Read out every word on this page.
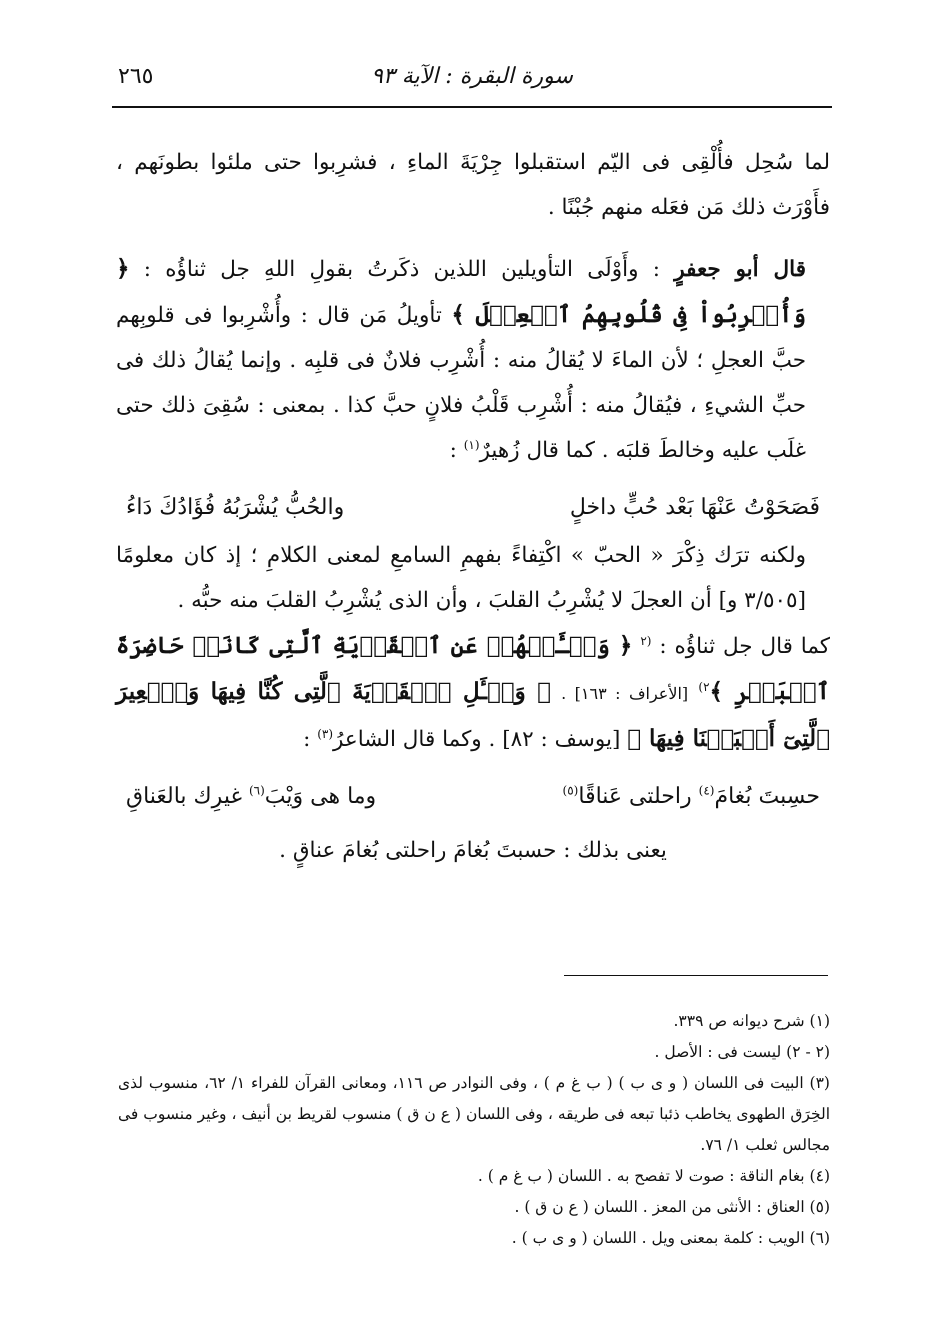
سورة البقرة : الآية ٩٣
٢٦٥

لما سُحِل فأُلْقِى فى اليّم استقبلوا جِرْيَةَ الماءِ ، فشرِبوا حتى ملئوا بطونَهم ، فأَوْرَث ذلك مَن فعَله منهم جُبْنًا .

قال أبو جعفرٍ : وأَوْلَى التأويلين اللذين ذكَرتُ بقولِ اللهِ جل ثناؤُه : ﴿ وَأُشۡرِبُواْ فِى قُلُوبِهِمُ ٱلۡعِجۡلَ ﴾ تأويلُ مَن قال : وأُشْرِبوا فى قلوبِهم حبَّ العجلِ ؛ لأن الماءَ لا يُقالُ منه : أُشْرِب فلانٌ فى قلبِه . وإنما يُقالُ ذلك فى حبِّ الشيءِ ، فيُقالُ منه : أُشْرِب قَلْبُ فلانٍ حبَّ كذا . بمعنى : سُقِىَ ذلك حتى غلَب عليه وخالطَ قلبَه . كما قال زُهيرٌ$^{(١)}$ :

فَصَحَوْتُ عَنْهَا بَعْد حُبٍّ داخلٍ
والحُبُّ يُشْرَبُهُ فُؤَادُكَ دَاءُ

ولكنه ترَك ذِكْرَ « الحبّ » اكْتِفاءً بفهمِ السامعِ لمعنى الكلامِ ؛ إذ كان معلومًا [٣/٥٠٥ و] أن العجلَ لا يُشْرِبُ القلبَ ، وأن الذى يُشْرِبُ القلبَ منه حبُّه .

كما قال جل ثناؤُه : $^{(٢}$ ﴿ وَسۡـَٔلۡهُمۡ عَنِ ٱلۡقَرۡيَةِ ٱلَّتِى كَانَتۡ حَاضِرَةَ ٱلۡبَحۡرِ ﴾$^{٢)}$ [الأعراف : ١٦٣] . ﴿ وَسۡـَٔلِ ٱلۡقَرۡيَةَ ٱلَّتِى كُنَّا فِيهَا وَٱلۡعِيرَ ٱلَّتِىٓ أَقۡبَلۡنَا فِيهَا ﴾ [يوسف : ٨٢] . وكما قال الشاعرُ$^{(٣)}$ :

حسِبتَ بُغامَ$^{(٤)}$ راحلتى عَناقًا$^{(٥)}$
وما هى وَيْبَ$^{(٦)}$ غيرِك بالعَناقِ

يعنى بذلك : حسبتَ بُغامَ راحلتى بُغامَ عناقٍ .

(١) شرح ديوانه ص ٣٣٩.

(٢ - ٢) ليست فى : الأصل .

(٣) البيت فى اللسان ( و ى ب ) ( ب غ م ) ، وفى النوادر ص ١١٦، ومعانى القرآن للفراء ١/ ٦٢، منسوب لذى الخِرَق الطهوى يخاطب ذئبا تبعه فى طريقه ، وفى اللسان ( ع ن ق ) منسوب لقريط بن أنيف ، وغير منسوب فى مجالس ثعلب ١/ ٧٦.

(٤) بغام الناقة : صوت لا تفصح به . اللسان ( ب غ م ) .

(٥) العناق : الأنثى من المعز . اللسان ( ع ن ق ) .

(٦) الويب : كلمة بمعنى ويل . اللسان ( و ى ب ) .
